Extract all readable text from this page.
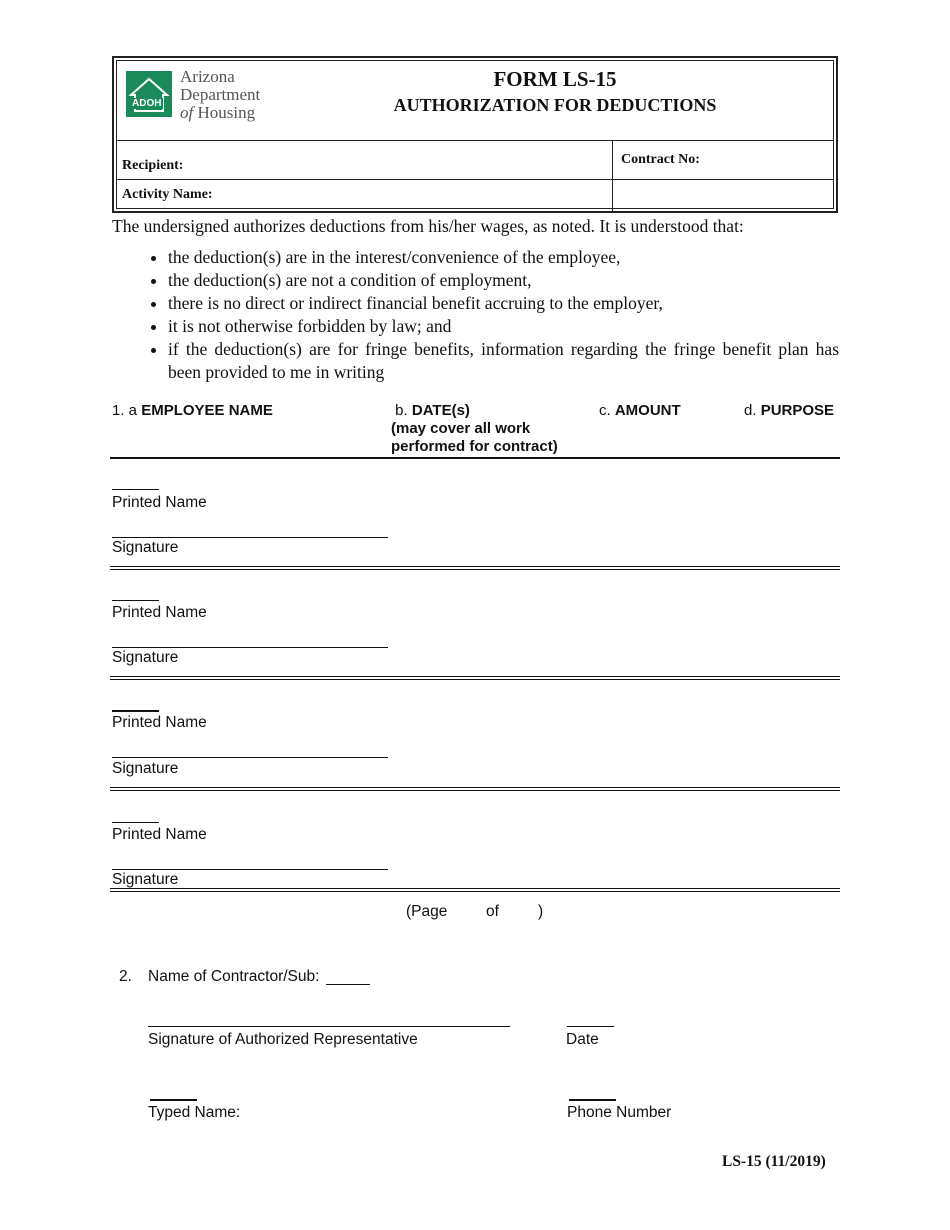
ADOH
Arizona
Department
of Housing
FORM LS-15
AUTHORIZATION FOR DEDUCTIONS
Recipient:	Contract No:
Activity Name:
The undersigned authorizes deductions from his/her wages, as noted. It is understood that:
• the deduction(s) are in the interest/convenience of the employee,
• the deduction(s) are not a condition of employment,
• there is no direct or indirect financial benefit accruing to the employer,
• it is not otherwise forbidden by law; and
• if the deduction(s) are for fringe benefits, information regarding the fringe benefit plan has been provided to me in writing
1. a EMPLOYEE NAME	b. DATE(s)
(may cover all work
performed for contract)
c. AMOUNT	d. PURPOSE
Printed Name
Signature
Printed Name
Signature
Printed Name
Signature
Printed Name
Signature
(Page of	)
2. Name of Contractor/Sub:
Signature of Authorized Representative	Date
Typed Name:	Phone Number
LS-15 (11/2019)
